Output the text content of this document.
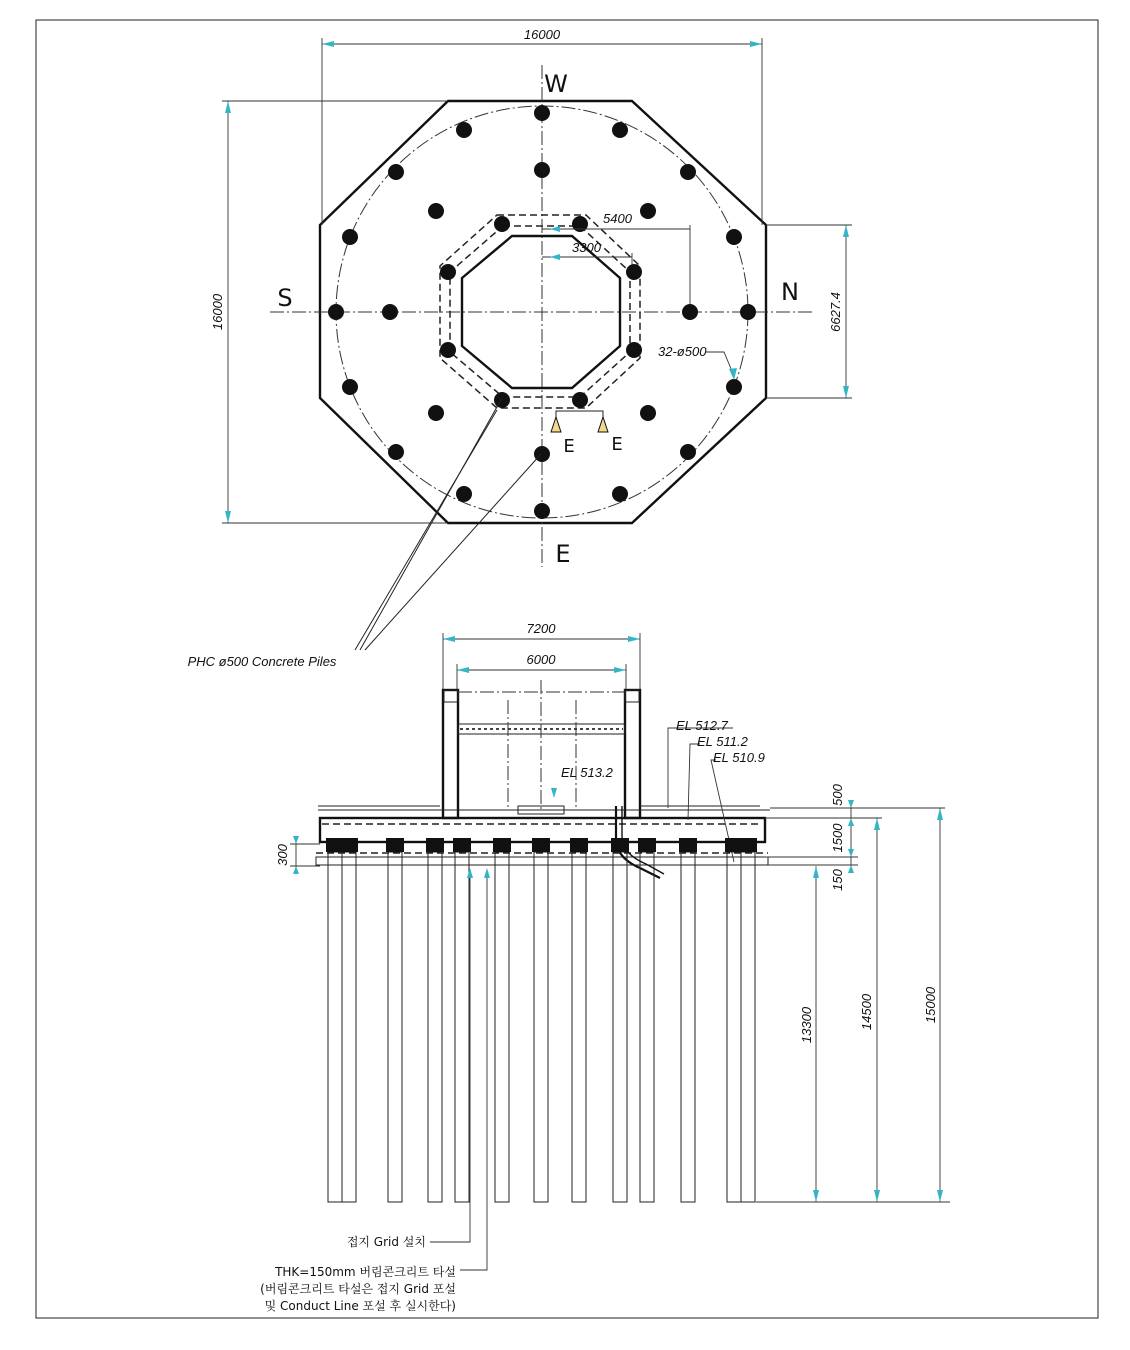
16000
16000	6627.4
5400
3300
32-ø500
W
E
S	N
E E
PHC ø500 Concrete Piles
7200
6000
EL 513.2
EL 512.7
EL 511.2
EL 510.9
300
500
1500
150
13300	14500	15000
접지 Grid 설치
THK=150mm 버림콘크리트 타설
(버림콘크리트 타설은 접지 Grid 포설
및 Conduct Line 포설 후 실시한다)
